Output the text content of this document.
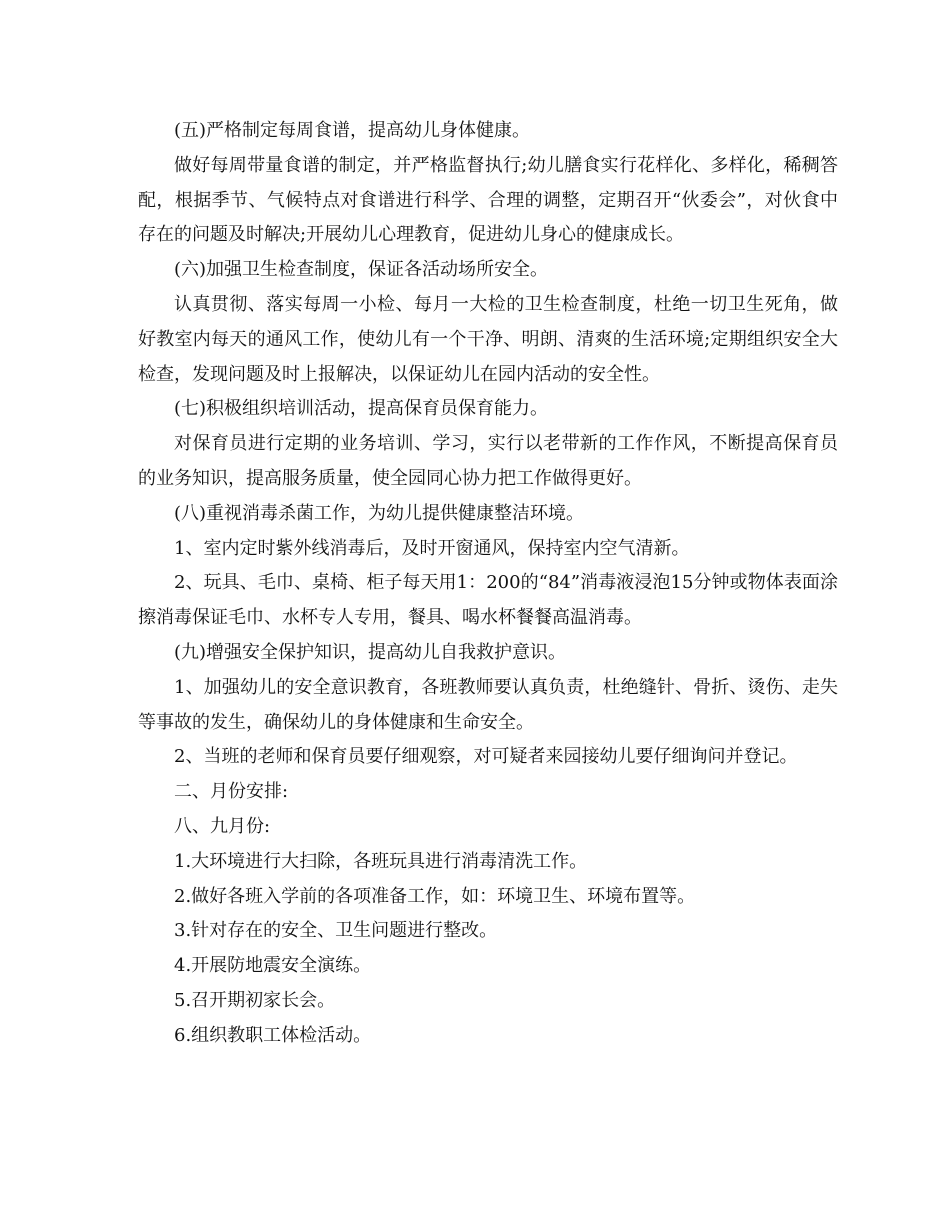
(五)严格制定每周食谱，提高幼儿身体健康。

做好每周带量食谱的制定，并严格监督执行;幼儿膳食实行花样化、多样化，稀稠答配，根据季节、气候特点对食谱进行科学、合理的调整，定期召开“伙委会”，对伙食中存在的问题及时解决;开展幼儿心理教育，促进幼儿身心的健康成长。

(六)加强卫生检查制度，保证各活动场所安全。

认真贯彻、落实每周一小检、每月一大检的卫生检查制度，杜绝一切卫生死角，做好教室内每天的通风工作，使幼儿有一个干净、明朗、清爽的生活环境;定期组织安全大检查，发现问题及时上报解决，以保证幼儿在园内活动的安全性。

(七)积极组织培训活动，提高保育员保育能力。

对保育员进行定期的业务培训、学习，实行以老带新的工作作风，不断提高保育员的业务知识，提高服务质量，使全园同心协力把工作做得更好。

(八)重视消毒杀菌工作，为幼儿提供健康整洁环境。

1、室内定时紫外线消毒后，及时开窗通风，保持室内空气清新。

2、玩具、毛巾、桌椅、柜子每天用1：200的“84”消毒液浸泡15分钟或物体表面涂擦消毒保证毛巾、水杯专人专用，餐具、喝水杯餐餐高温消毒。

(九)增强安全保护知识，提高幼儿自我救护意识。

1、加强幼儿的安全意识教育，各班教师要认真负责，杜绝缝针、骨折、烫伤、走失等事故的发生，确保幼儿的身体健康和生命安全。

2、当班的老师和保育员要仔细观察，对可疑者来园接幼儿要仔细询问并登记。

二、月份安排:

八、九月份:

1.大环境进行大扫除，各班玩具进行消毒清洗工作。

2.做好各班入学前的各项准备工作，如：环境卫生、环境布置等。

3.针对存在的安全、卫生问题进行整改。

4.开展防地震安全演练。

5.召开期初家长会。

6.组织教职工体检活动。
